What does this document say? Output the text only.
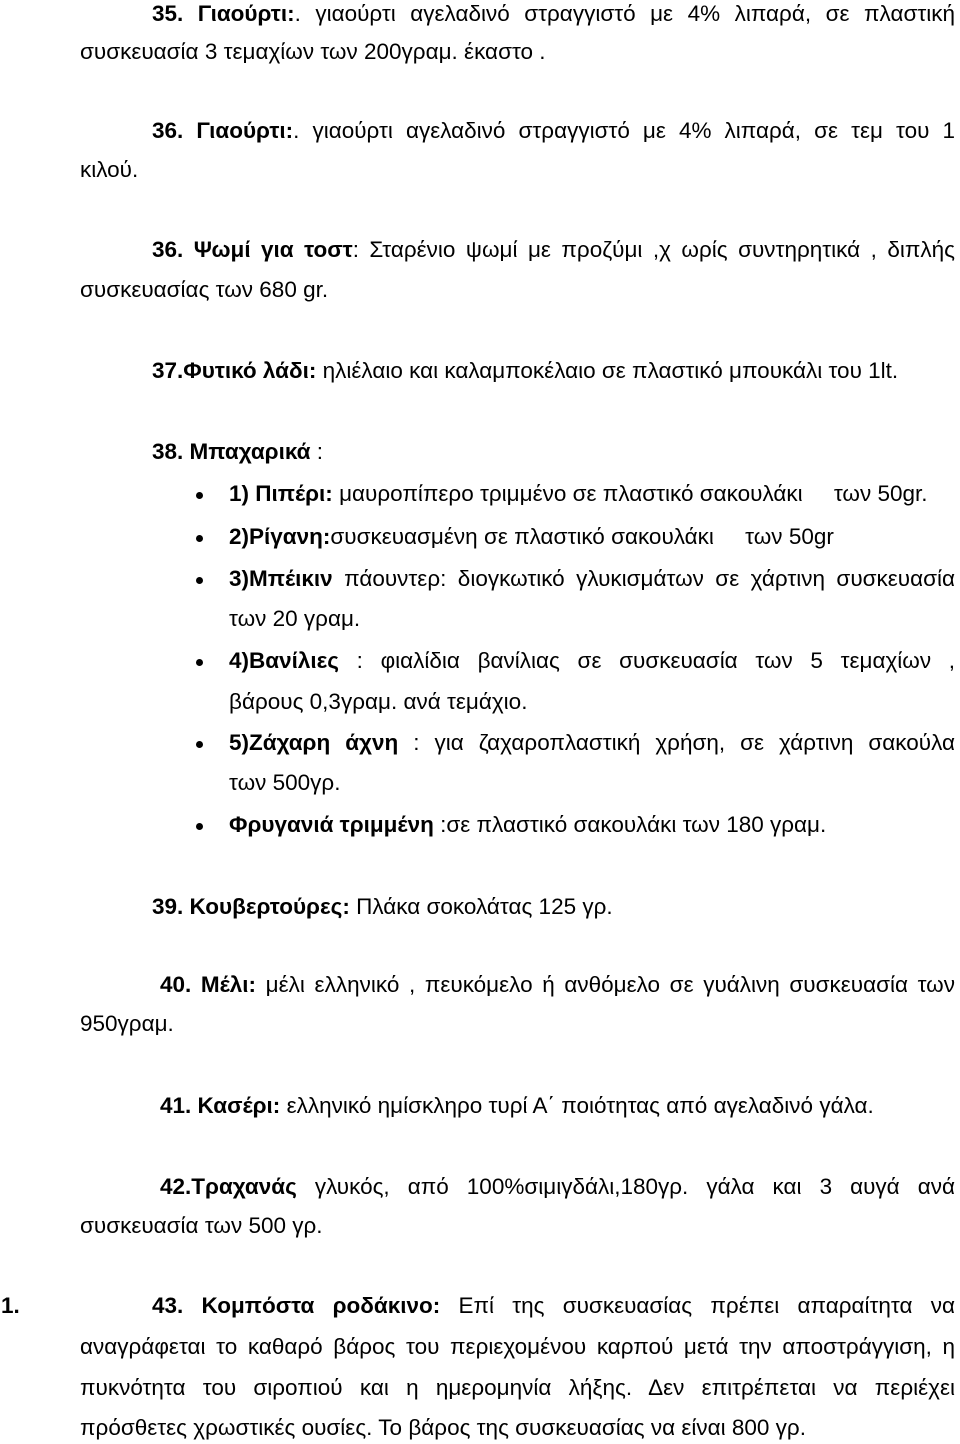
35. Γιαούρτι:. γιαούρτι αγελαδινό στραγγιστό με 4% λιπαρά, σε πλαστική
συσκευασία 3 τεμαχίων των 200γραμ. έκαστο .
36. Γιαούρτι:. γιαούρτι αγελαδινό στραγγιστό με 4% λιπαρά, σε τεμ του 1
κιλού.
36. Ψωμί για τοστ: Σταρένιο ψωμί με προζύμι ,χ ωρίς συντηρητικά , διπλής
συσκευασίας των 680 gr.
37.Φυτικό λάδι: ηλιέλαιο και καλαμποκέλαιο σε πλαστικό μπουκάλι του 1lt.
38. Μπαχαρικά :
1) Πιπέρι: μαυροπίπερο τριμμένο σε πλαστικό σακουλάκι     των 50gr.
2)Ρίγανη:συσκευασμένη σε πλαστικό σακουλάκι     των 50gr
3)Μπέικιν πάουντερ: διογκωτικό γλυκισμάτων σε χάρτινη συσκευασία
των 20 γραμ.
4)Βανίλιες : φιαλίδια βανίλιας σε συσκευασία των 5 τεμαχίων ,
βάρους 0,3γραμ. ανά τεμάχιο.
5)Ζάχαρη άχνη : για ζαχαροπλαστική χρήση, σε χάρτινη σακούλα
των 500γρ.
Φρυγανιά τριμμένη :σε πλαστικό σακουλάκι των 180 γραμ.
39. Κουβερτούρες: Πλάκα σοκολάτας 125 γρ.
40. Μέλι: μέλι ελληνικό , πευκόμελο ή ανθόμελο σε γυάλινη συσκευασία των
950γραμ.
41. Κασέρι: ελληνικό ημίσκληρο τυρί Α΄ ποιότητας από αγελαδινό γάλα.
42.Τραχανάς γλυκός, από 100%σιμιγδάλι,180γρ. γάλα και 3 αυγά ανά
συσκευασία των 500 γρ.
1.	43. Κομπόστα ροδάκινο: Επί της συσκευασίας πρέπει απαραίτητα να
αναγράφεται το καθαρό βάρος του περιεχομένου καρπού μετά την αποστράγγιση, η
πυκνότητα του σιροπιού και η ημερομηνία λήξης. Δεν επιτρέπεται να περιέχει
πρόσθετες χρωστικές ουσίες. Το βάρος της συσκευασίας να είναι 800 γρ.
